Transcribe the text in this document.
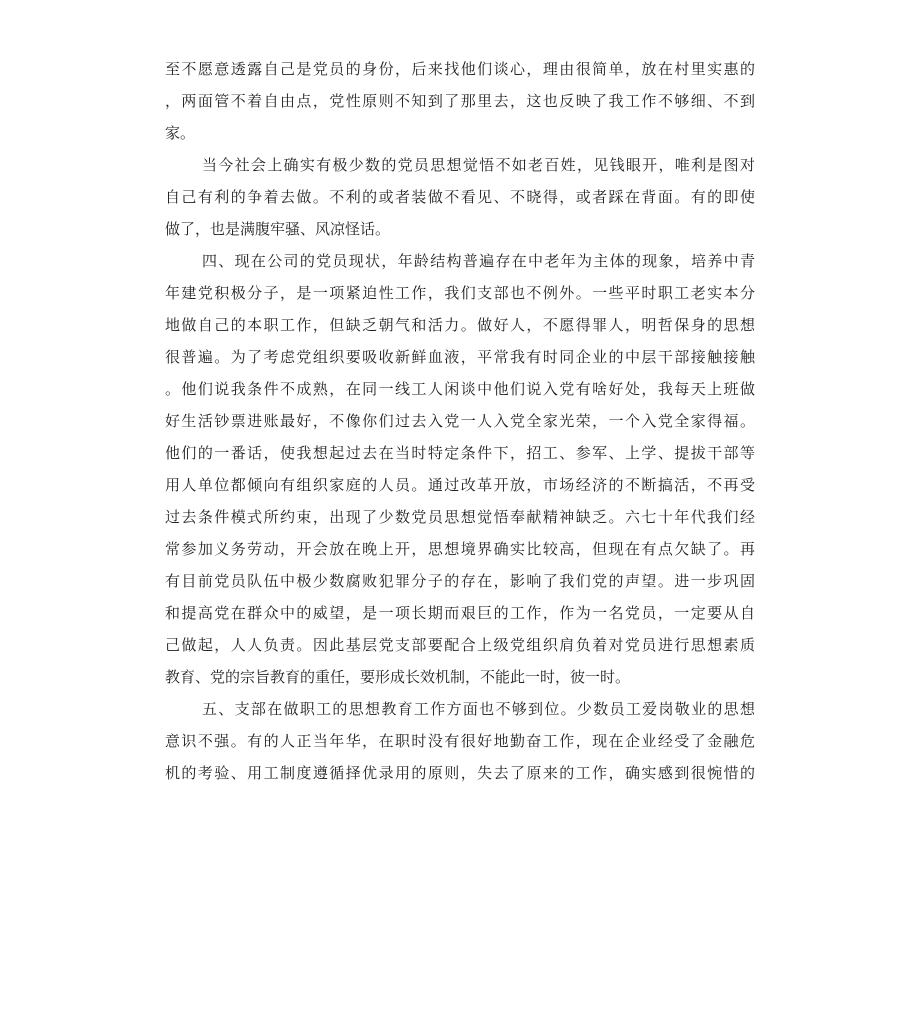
至不愿意透露自己是党员的身份，后来找他们谈心，理由很简单，放在村里实惠的
，两面管不着自由点，党性原则不知到了那里去，这也反映了我工作不够细、不到
家。
当今社会上确实有极少数的党员思想觉悟不如老百姓，见钱眼开，唯利是图对
自己有利的争着去做。不利的或者装做不看见、不晓得，或者踩在背面。有的即使
做了，也是满腹牢骚、风凉怪话。
四、现在公司的党员现状，年龄结构普遍存在中老年为主体的现象，培养中青
年建党积极分子，是一项紧迫性工作，我们支部也不例外。一些平时职工老实本分
地做自己的本职工作，但缺乏朝气和活力。做好人，不愿得罪人，明哲保身的思想
很普遍。为了考虑党组织要吸收新鲜血液，平常我有时同企业的中层干部接触接触
。他们说我条件不成熟，在同一线工人闲谈中他们说入党有啥好处，我每天上班做
好生活钞票进账最好，不像你们过去入党一人入党全家光荣，一个入党全家得福。
他们的一番话，使我想起过去在当时特定条件下，招工、参军、上学、提拔干部等
用人单位都倾向有组织家庭的人员。通过改革开放，市场经济的不断搞活，不再受
过去条件模式所约束，出现了少数党员思想觉悟奉献精神缺乏。六七十年代我们经
常参加义务劳动，开会放在晚上开，思想境界确实比较高，但现在有点欠缺了。再
有目前党员队伍中极少数腐败犯罪分子的存在，影响了我们党的声望。进一步巩固
和提高党在群众中的威望，是一项长期而艰巨的工作，作为一名党员，一定要从自
己做起，人人负责。因此基层党支部要配合上级党组织肩负着对党员进行思想素质
教育、党的宗旨教育的重任，要形成长效机制，不能此一时，彼一时。
五、支部在做职工的思想教育工作方面也不够到位。少数员工爱岗敬业的思想
意识不强。有的人正当年华，在职时没有很好地勤奋工作，现在企业经受了金融危
机的考验、用工制度遵循择优录用的原则，失去了原来的工作，确实感到很惋惜的
